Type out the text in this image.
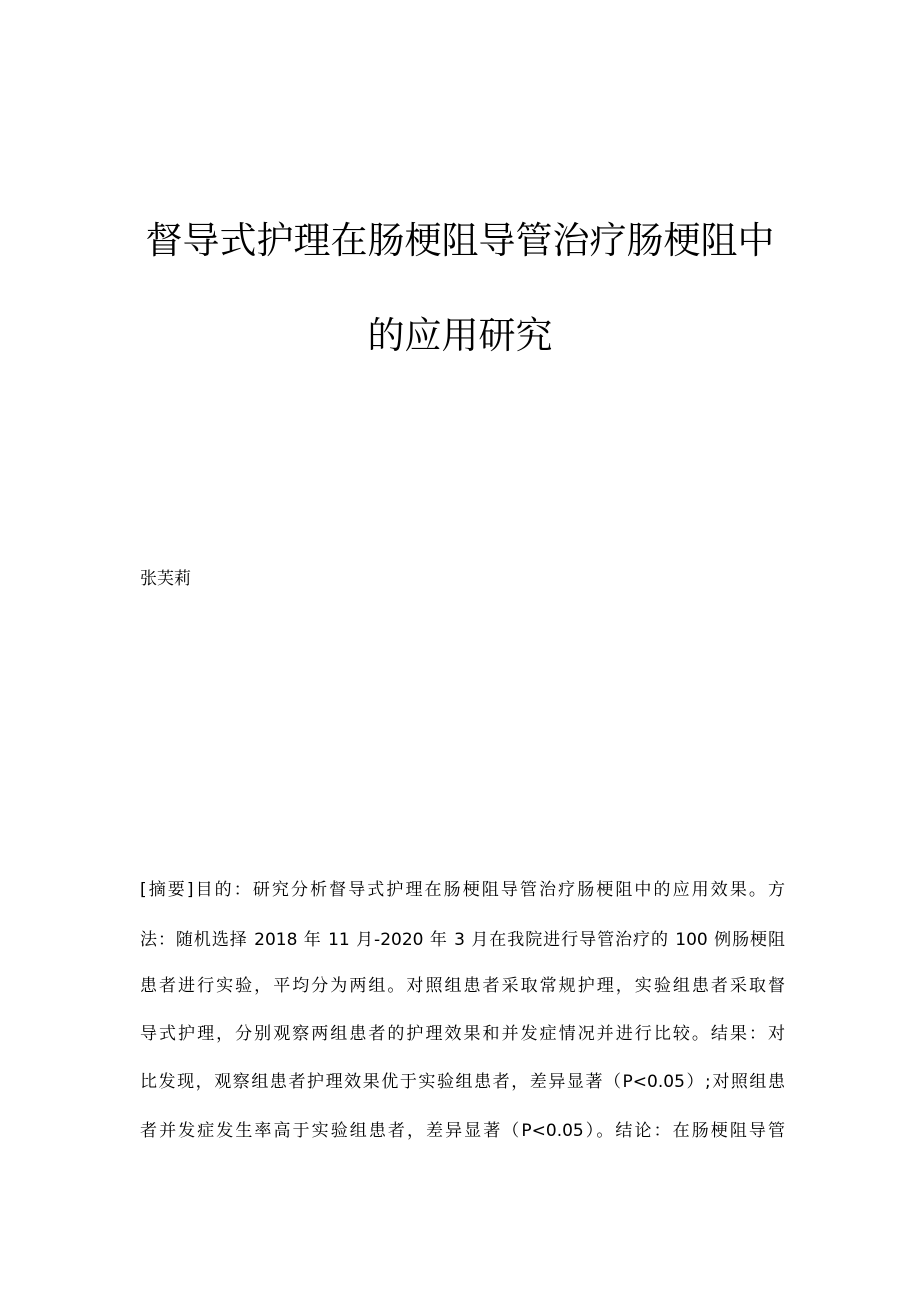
督导式护理在肠梗阻导管治疗肠梗阻中
的应用研究
张芙莉
[摘要]目的：研究分析督导式护理在肠梗阻导管治疗肠梗阻中的应用效果。方
法：随机选择 2018 年 11 月-2020 年 3 月在我院进行导管治疗的 100 例肠梗阻
患者进行实验，平均分为两组。对照组患者采取常规护理，实验组患者采取督
导式护理，分别观察两组患者的护理效果和并发症情况并进行比较。结果：对
比发现，观察组患者护理效果优于实验组患者，差异显著（P<0.05）;对照组患
者并发症发生率高于实验组患者，差异显著（P<0.05）。结论：在肠梗阻导管
